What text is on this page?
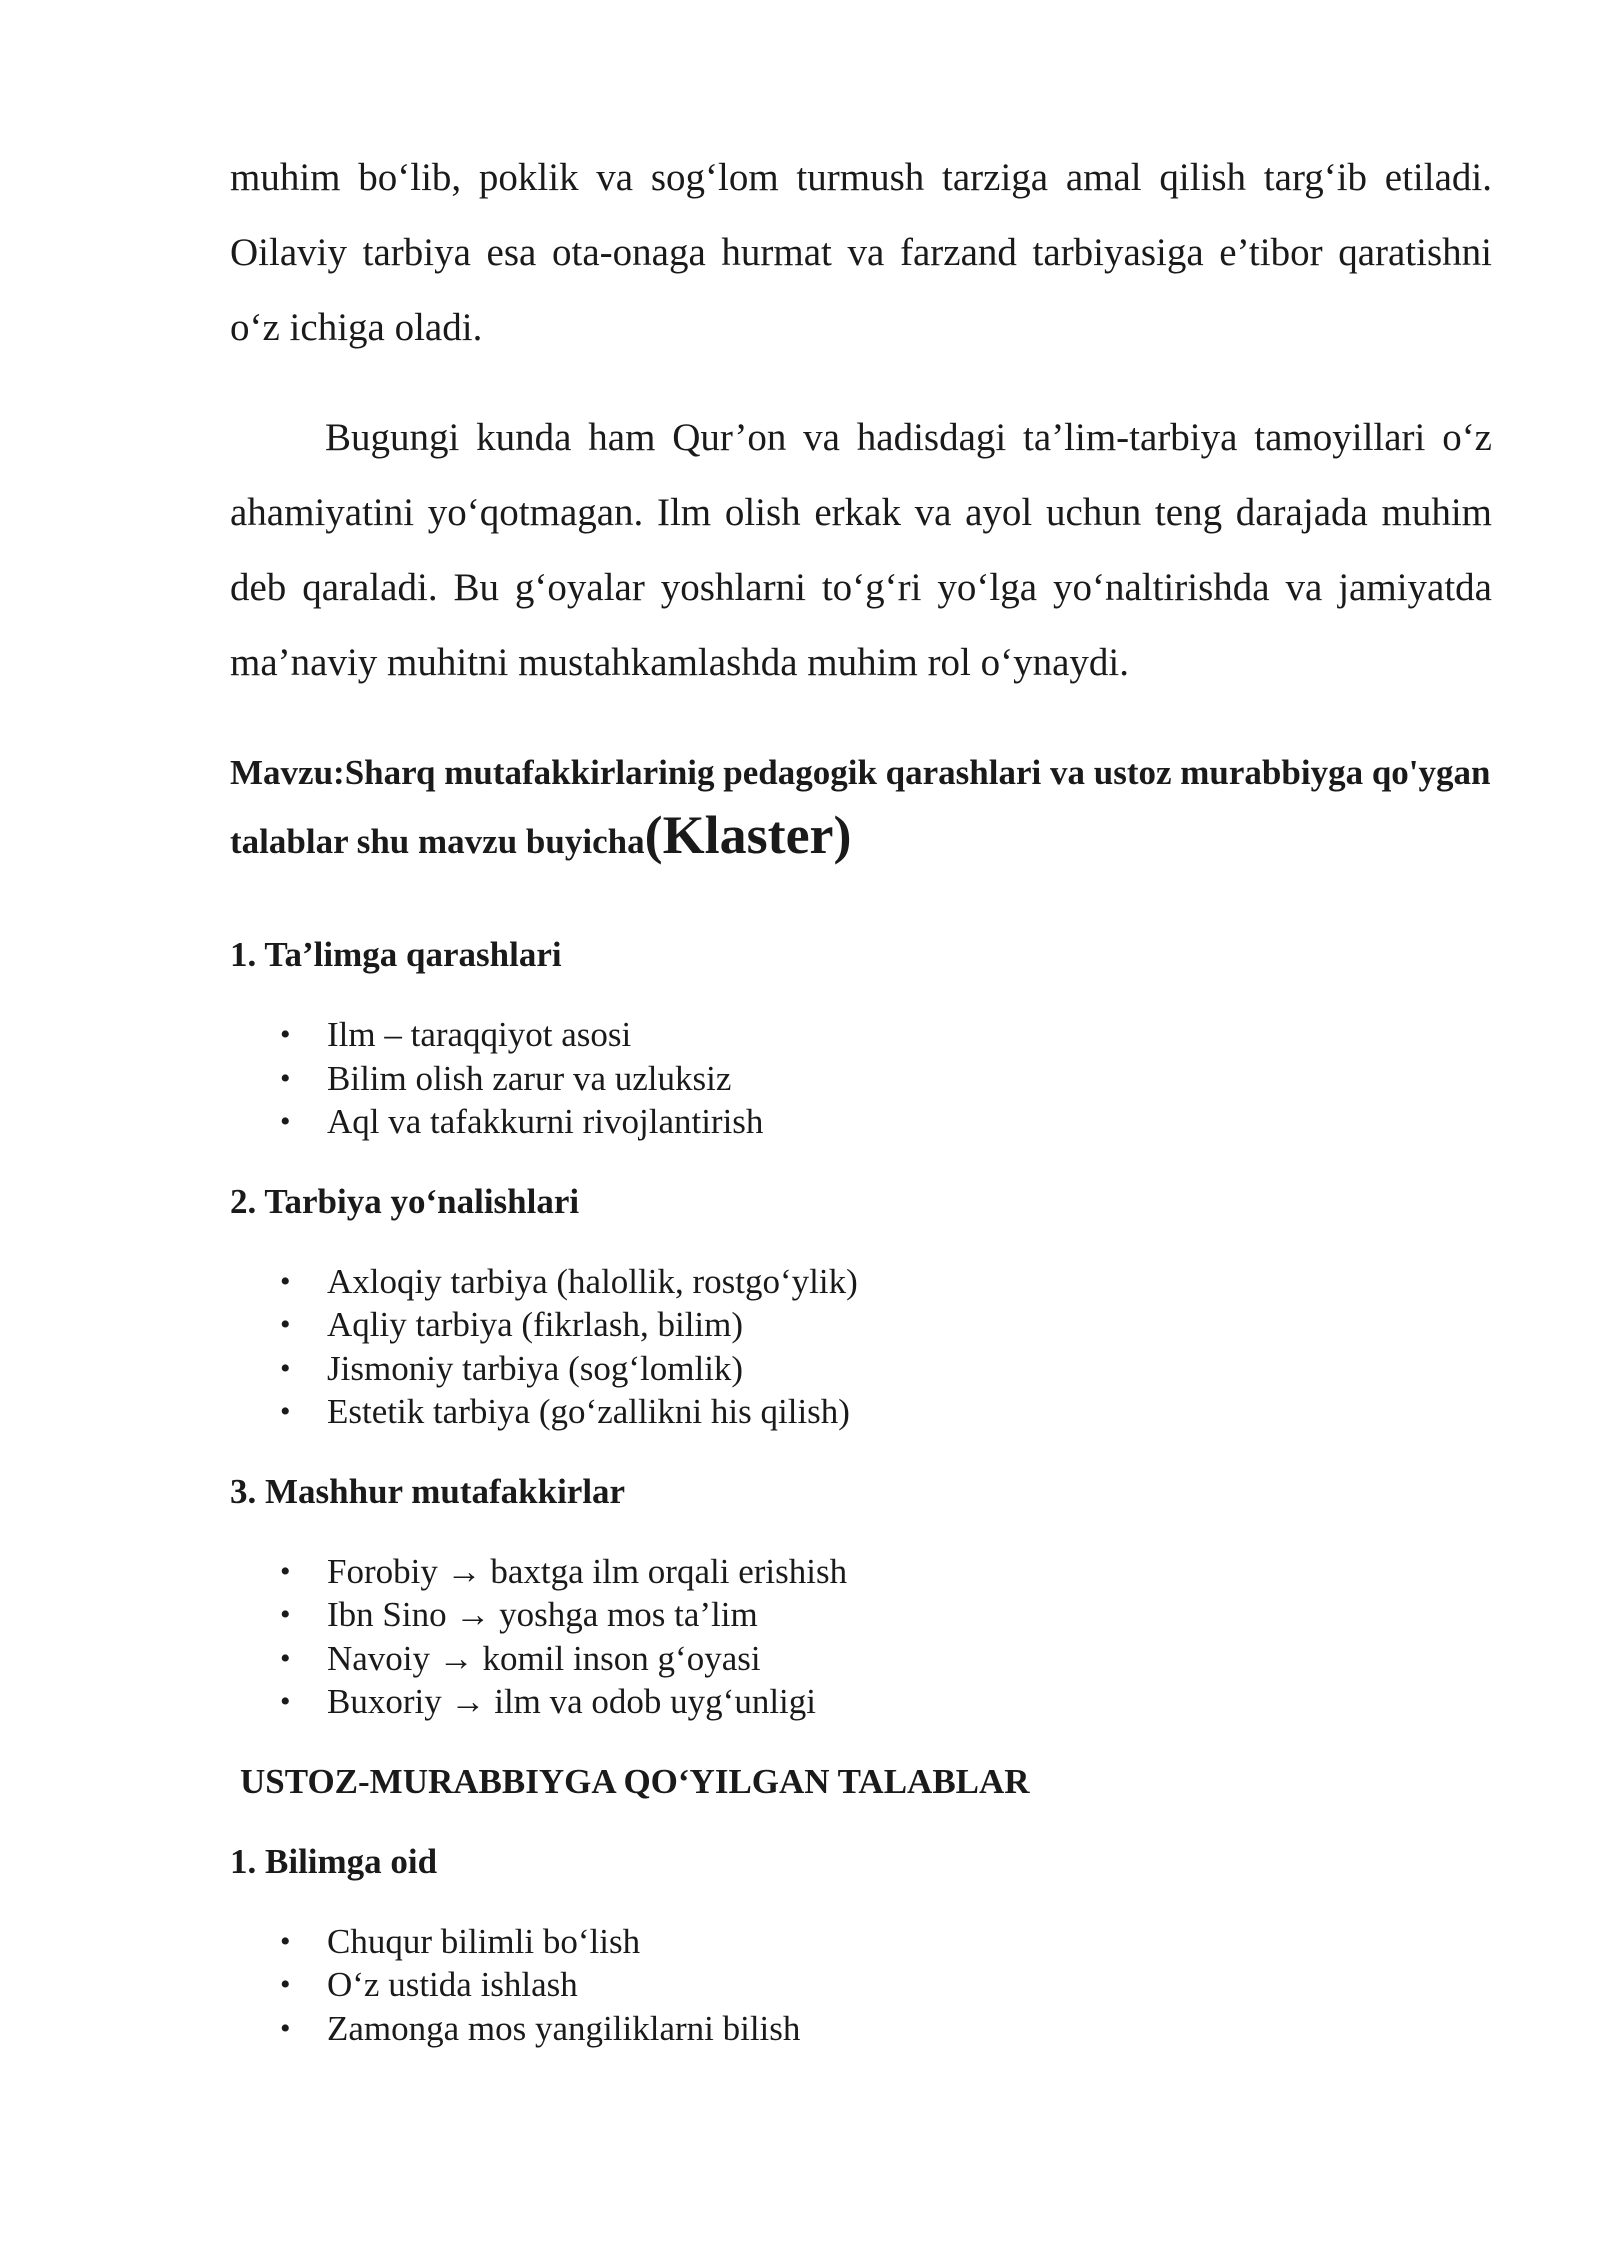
muhim boʻlib, poklik va sogʻlom turmush tarziga amal qilish targʻib etiladi. Oilaviy tarbiya esa ota-onaga hurmat va farzand tarbiyasiga e’tibor qaratishni oʻz ichiga oladi.

Bugungi kunda ham Qur’on va hadisdagi ta’lim-tarbiya tamoyillari oʻz ahamiyatini yoʻqotmagan. Ilm olish erkak va ayol uchun teng darajada muhim deb qaraladi. Bu gʻoyalar yoshlarni toʻgʻri yoʻlga yoʻnaltirishda va jamiyatda ma’naviy muhitni mustahkamlashda muhim rol oʻynaydi.

Mavzu:Sharq mutafakkirlarinig pedagogik qarashlari va ustoz murabbiyga qo'ygan talablar shu mavzu buyicha(Klaster)

1. Ta’limga qarashlari

• Ilm – taraqqiyot asosi
• Bilim olish zarur va uzluksiz
• Aql va tafakkurni rivojlantirish

2. Tarbiya yoʻnalishlari

• Axloqiy tarbiya (halollik, rostgoʻylik)
• Aqliy tarbiya (fikrlash, bilim)
• Jismoniy tarbiya (sogʻlomlik)
• Estetik tarbiya (goʻzallikni his qilish)

3. Mashhur mutafakkirlar

• Forobiy → baxtga ilm orqali erishish
• Ibn Sino → yoshga mos ta’lim
• Navoiy → komil inson gʻoyasi
• Buxoriy → ilm va odob uygʻunligi

USTOZ-MURABBIYGA QOʻYILGAN TALABLAR

1. Bilimga oid

• Chuqur bilimli boʻlish
• Oʻz ustida ishlash
• Zamonga mos yangiliklarni bilish
